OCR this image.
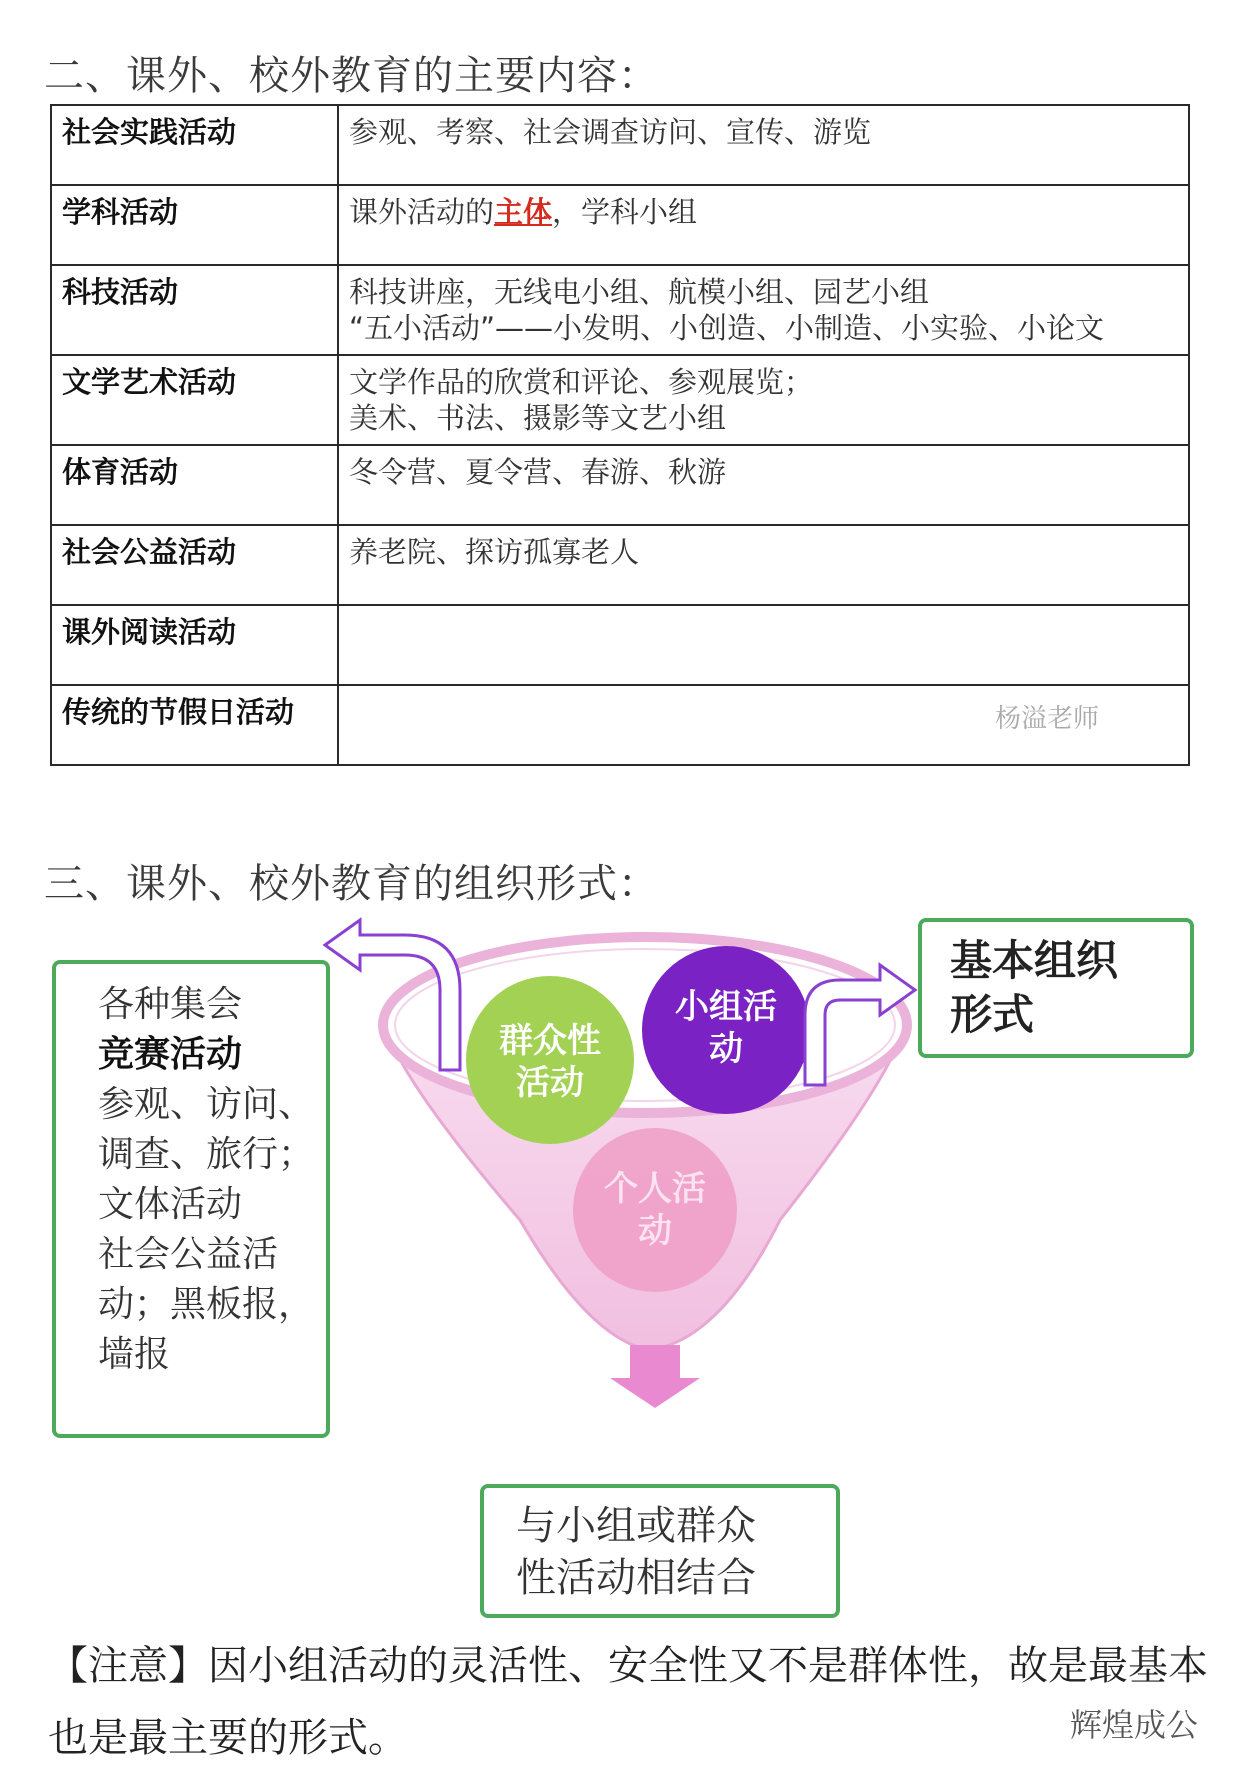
二、课外、校外教育的主要内容：
社会实践活动	参观、考察、社会调查访问、宣传、游览
学科活动	课外活动的主体，学科小组
科技活动	科技讲座，无线电小组、航模小组、园艺小组
“五小活动”——小发明、小创造、小制造、小实验、小论文

文学艺术活动	文学作品的欣赏和评论、参观展览；
美术、书法、摄影等文艺小组

体育活动	冬令营、夏令营、春游、秋游
社会公益活动	养老院、探访孤寡老人
课外阅读活动	
传统的节假日活动		杨溢老师
三、课外、校外教育的组织形式：
群众性
活动
小组活
动
个人活
动
各种集会
竞赛活动
参观、访问、
调查、旅行；
文体活动
社会公益活
动；黑板报，
墙报
基本组织
形式
与小组或群众
性活动相结合
【注意】因小组活动的灵活性、安全性又不是群体性，故是最基本也是最主要的形式。	辉煌成公
